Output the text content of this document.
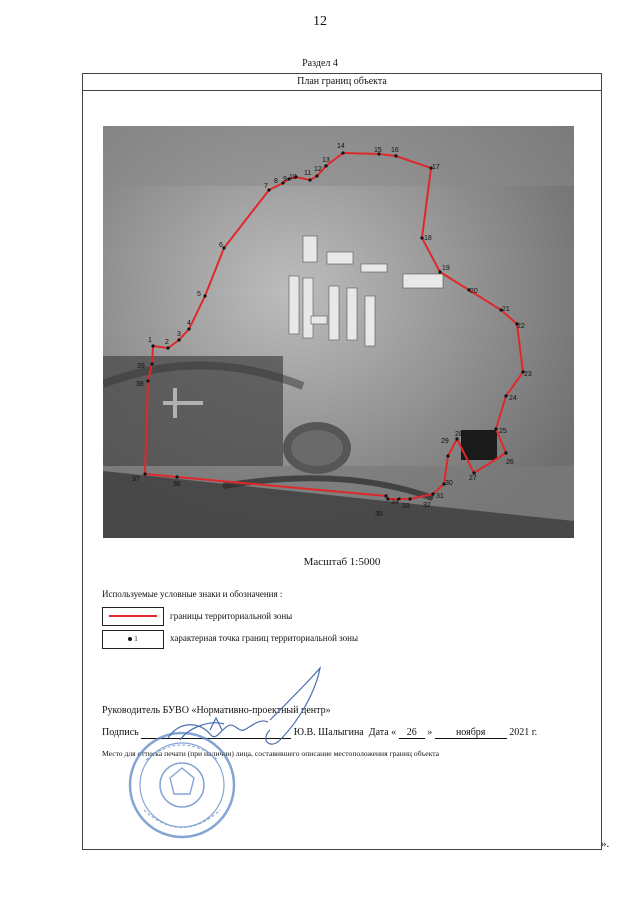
12
Раздел 4
План границ объекта
1 2
3
4
5
6
7
8 9 10
11
12
13
14
15 16
17
18
19
20
21
22
23
24
25
26
27
28
29
30
31
32
33
34
35
36
37
38
39
Масштаб 1:5000
Используемые условные знаки и обозначения :
границы территориальной зоны
1	характерная точка границ территориальной зоны
Руководитель БУВО «Нормативно-проектный центр»
Подпись	Ю.В. Шалыгина Дата « 26 » ноября 2021 г.
Место для оттиска печати (при наличии) лица, составившего описание местоположения границ объекта
».
